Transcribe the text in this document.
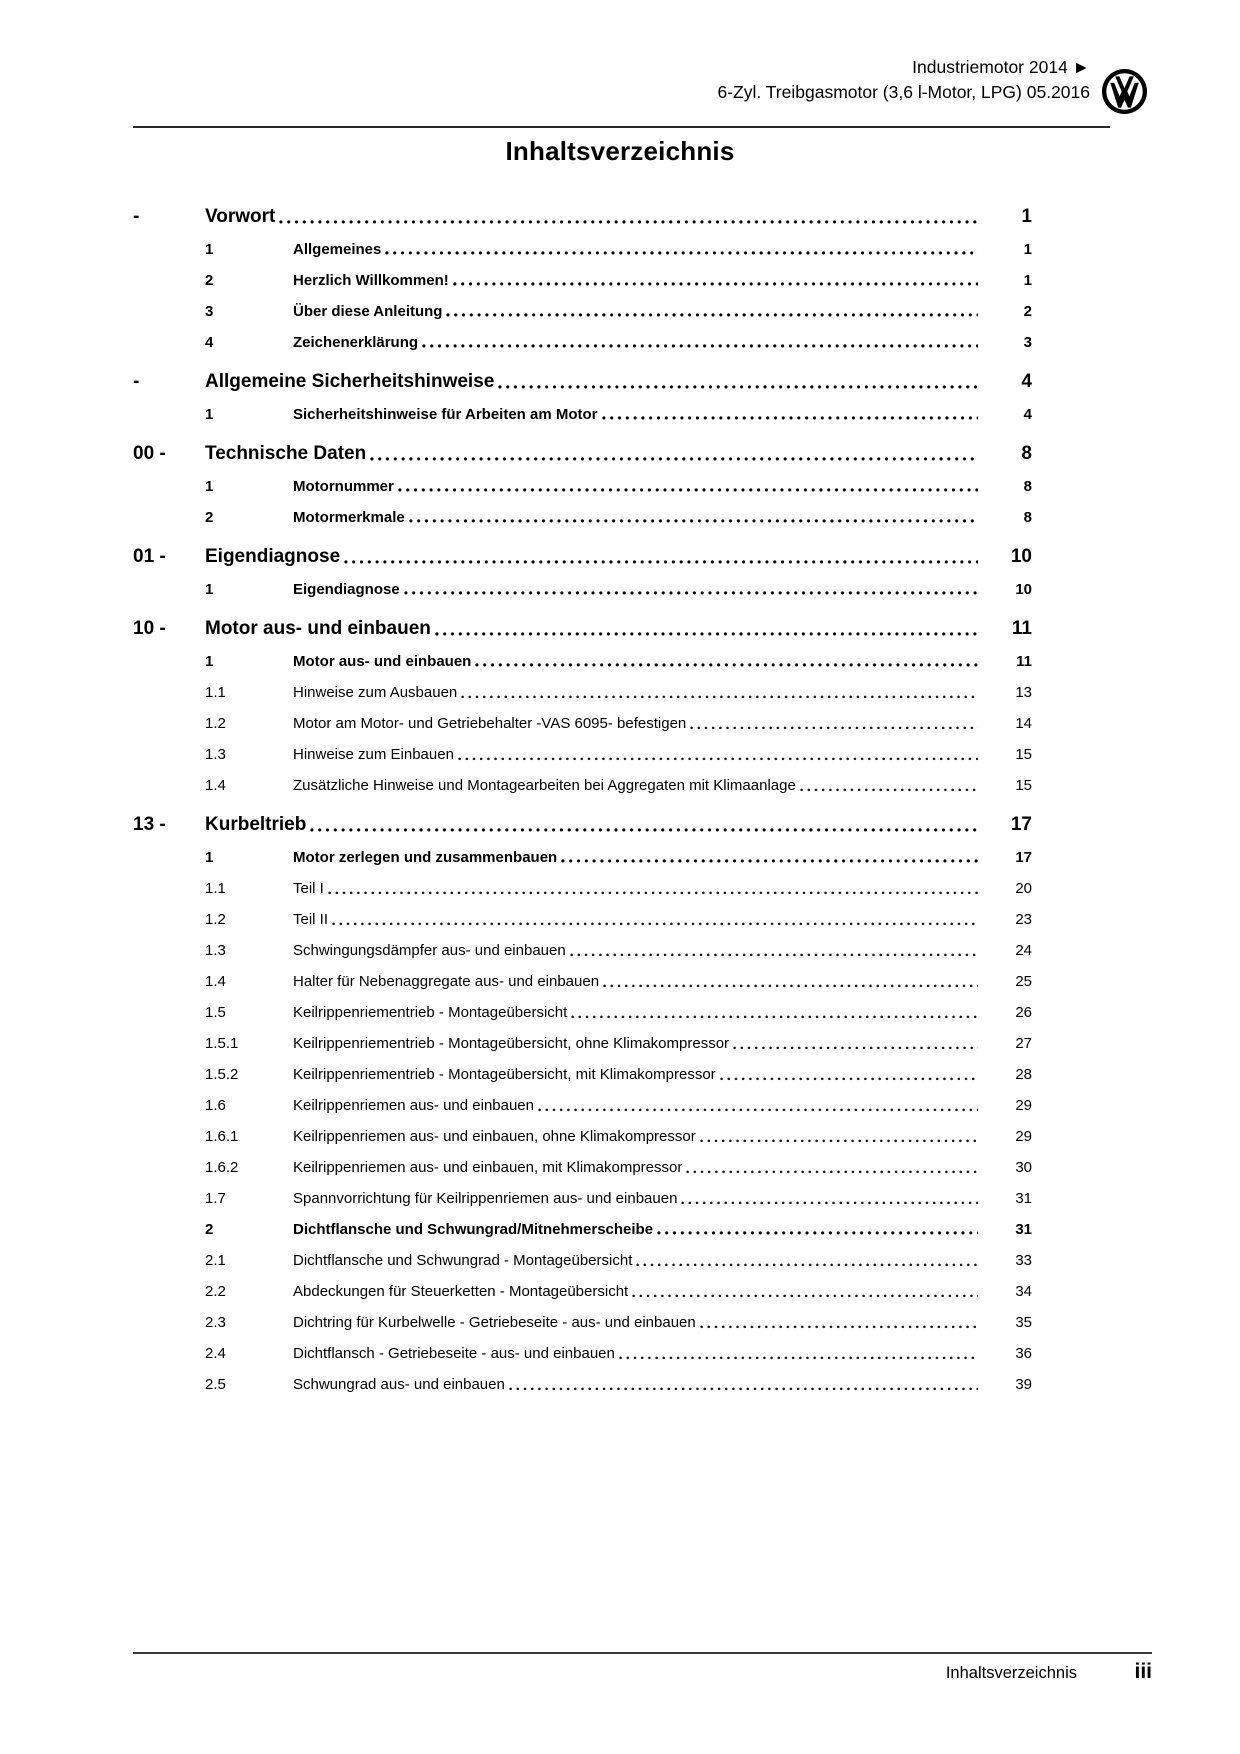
Industriemotor 2014 ►
6-Zyl. Treibgasmotor (3,6 l-Motor, LPG) 05.2016
Inhaltsverzeichnis
-	Vorwort	1
1	Allgemeines	1
2	Herzlich Willkommen!	1
3	Über diese Anleitung	2
4	Zeichenerklärung	3
-	Allgemeine Sicherheitshinweise	4
1	Sicherheitshinweise für Arbeiten am Motor	4
00 -	Technische Daten	8
1	Motornummer	8
2	Motormerkmale	8
01 -	Eigendiagnose	10
1	Eigendiagnose	10
10 -	Motor aus- und einbauen	11
1	Motor aus- und einbauen	11
1.1	Hinweise zum Ausbauen	13
1.2	Motor am Motor- und Getriebehalter -VAS 6095- befestigen	14
1.3	Hinweise zum Einbauen	15
1.4	Zusätzliche Hinweise und Montagearbeiten bei Aggregaten mit Klimaanlage	15
13 -	Kurbeltrieb	17
1	Motor zerlegen und zusammenbauen	17
1.1	Teil I	20
1.2	Teil II	23
1.3	Schwingungsdämpfer aus- und einbauen	24
1.4	Halter für Nebenaggregate aus- und einbauen	25
1.5	Keilrippenriementrieb - Montageübersicht	26
1.5.1	Keilrippenriementrieb - Montageübersicht, ohne Klimakompressor	27
1.5.2	Keilrippenriementrieb - Montageübersicht, mit Klimakompressor	28
1.6	Keilrippenriemen aus- und einbauen	29
1.6.1	Keilrippenriemen aus- und einbauen, ohne Klimakompressor	29
1.6.2	Keilrippenriemen aus- und einbauen, mit Klimakompressor	30
1.7	Spannvorrichtung für Keilrippenriemen aus- und einbauen	31
2	Dichtflansche und Schwungrad/Mitnehmerscheibe	31
2.1	Dichtflansche und Schwungrad - Montageübersicht	33
2.2	Abdeckungen für Steuerketten - Montageübersicht	34
2.3	Dichtring für Kurbelwelle - Getriebeseite - aus- und einbauen	35
2.4	Dichtflansch - Getriebeseite - aus- und einbauen	36
2.5	Schwungrad aus- und einbauen	39
Inhaltsverzeichnis	iii
